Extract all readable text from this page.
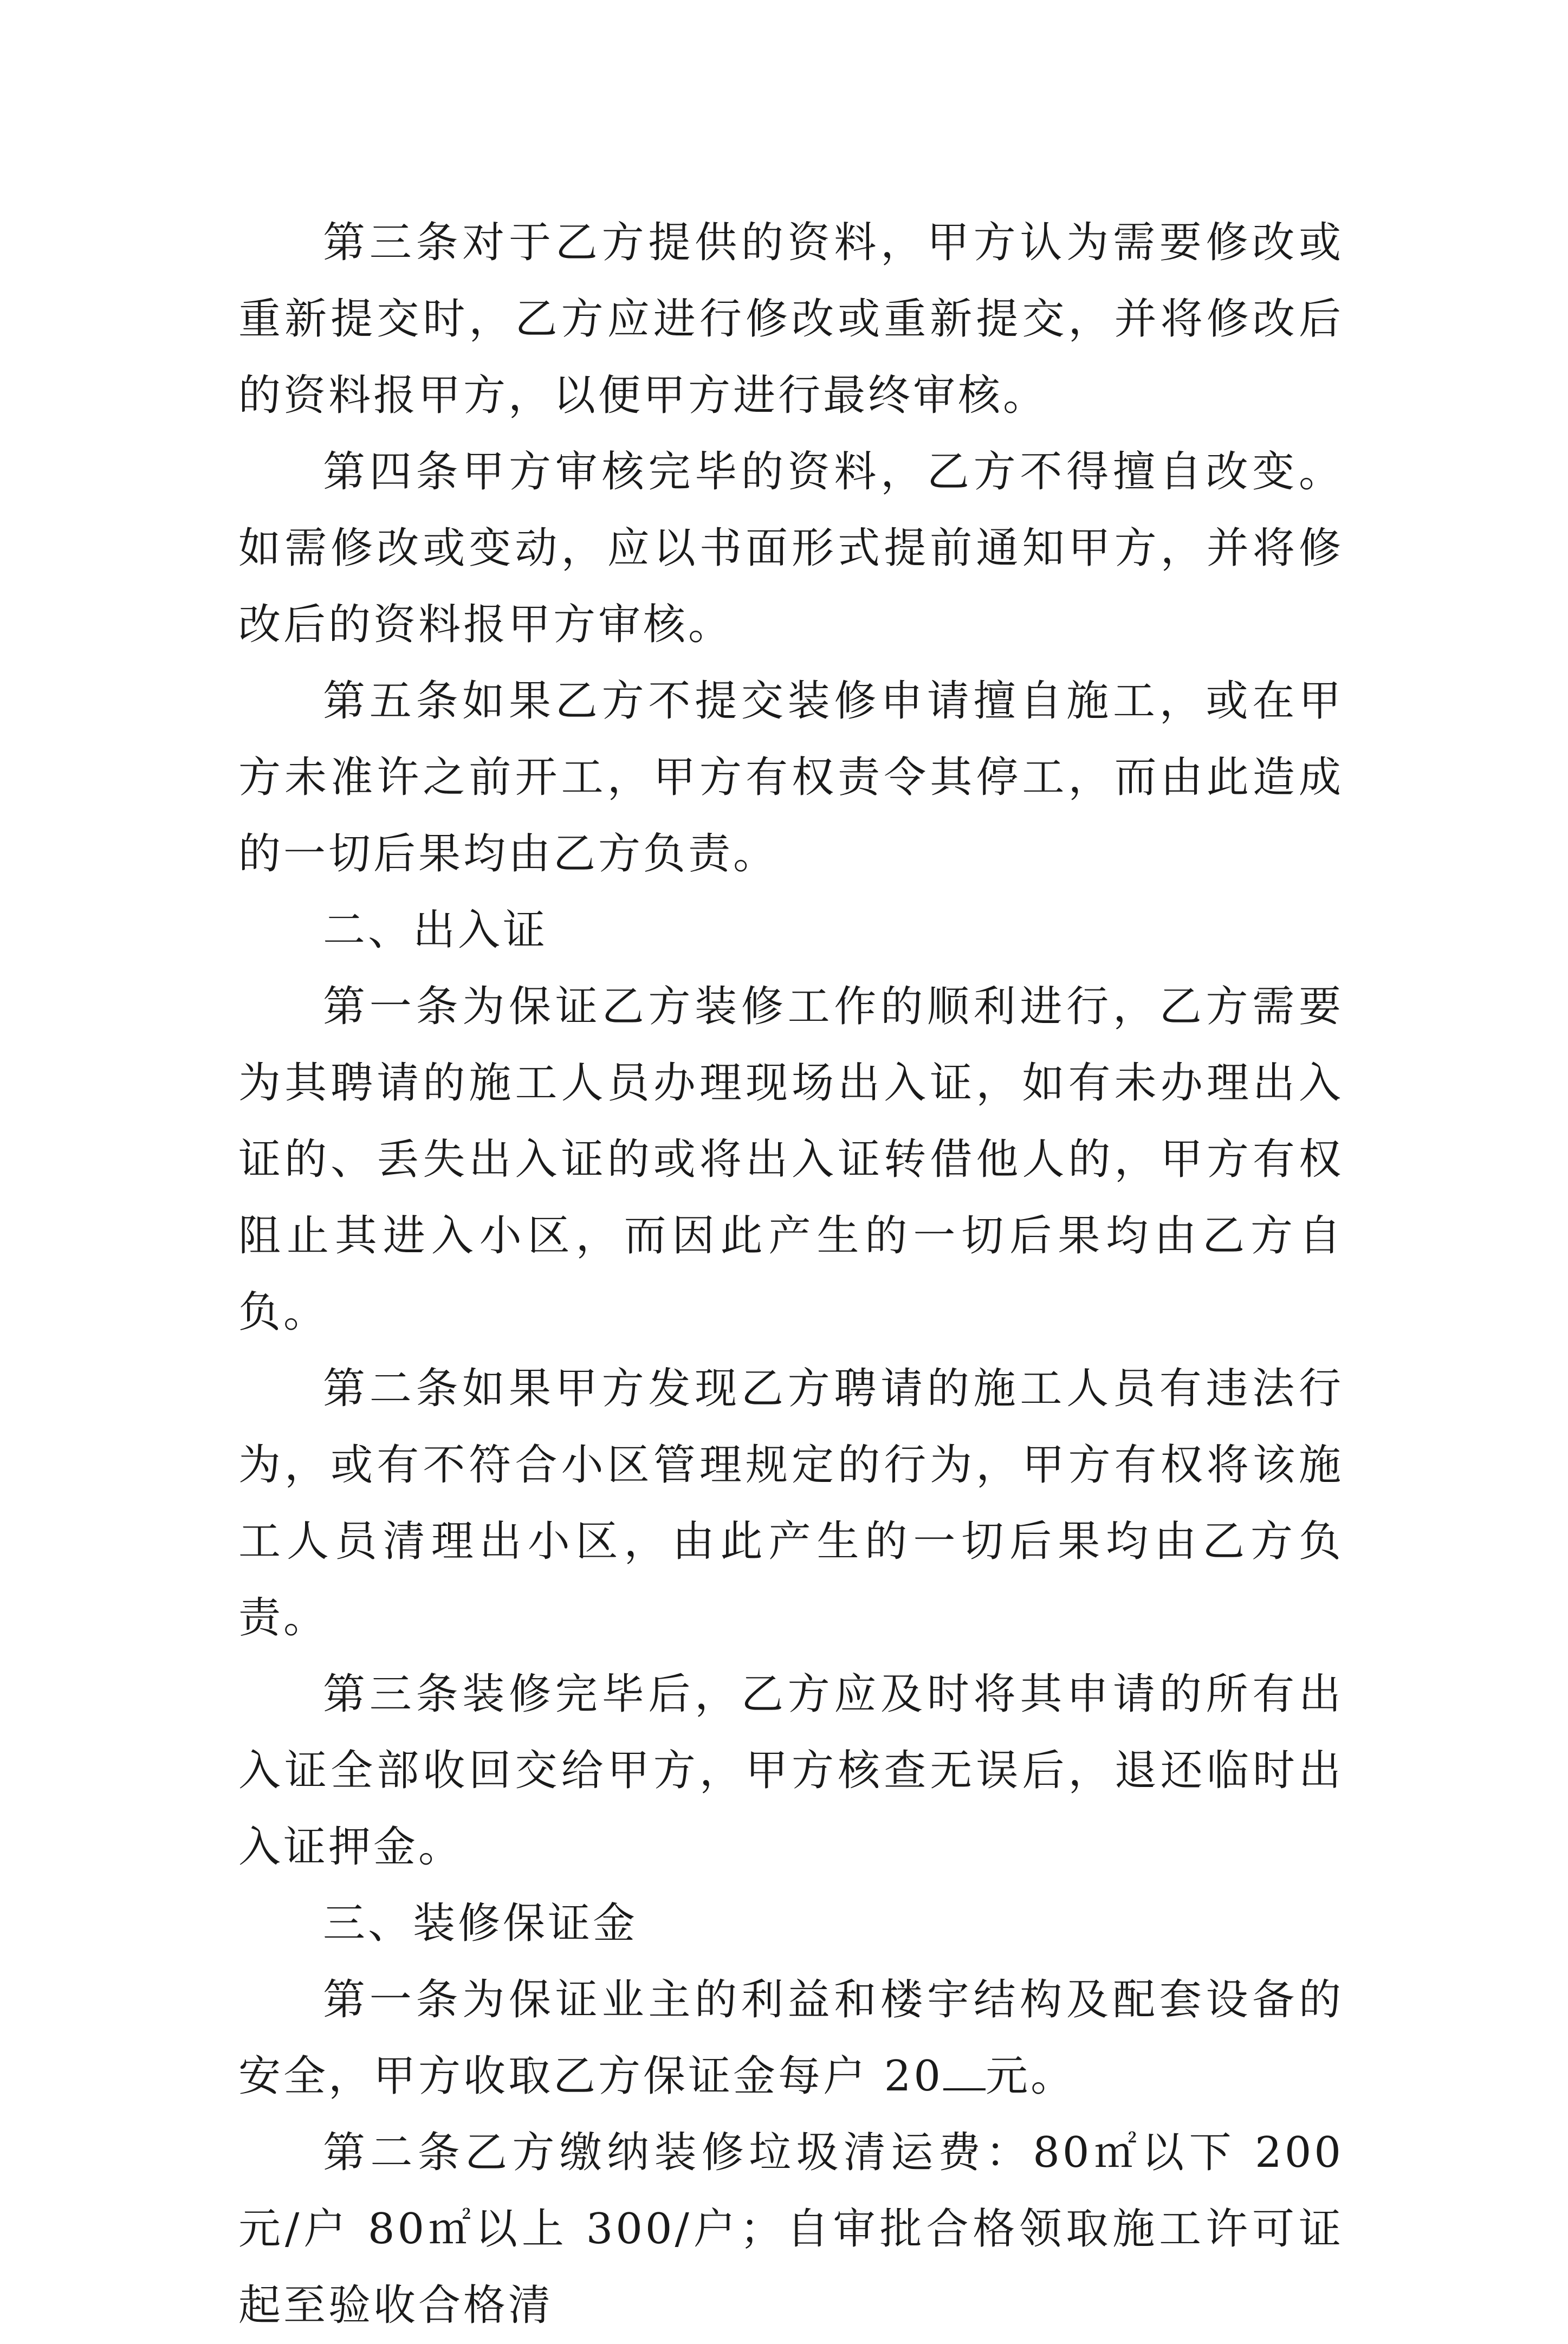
第三条对于乙方提供的资料，甲方认为需要修改或重新提交时，乙方应进行修改或重新提交，并将修改后的资料报甲方，以便甲方进行最终审核。

第四条甲方审核完毕的资料，乙方不得擅自改变。如需修改或变动，应以书面形式提前通知甲方，并将修改后的资料报甲方审核。

第五条如果乙方不提交装修申请擅自施工，或在甲方未准许之前开工，甲方有权责令其停工，而由此造成的一切后果均由乙方负责。

二、出入证

第一条为保证乙方装修工作的顺利进行，乙方需要为其聘请的施工人员办理现场出入证，如有未办理出入证的、丢失出入证的或将出入证转借他人的，甲方有权阻止其进入小区，而因此产生的一切后果均由乙方自负。

第二条如果甲方发现乙方聘请的施工人员有违法行为，或有不符合小区管理规定的行为，甲方有权将该施工人员清理出小区，由此产生的一切后果均由乙方负责。

第三条装修完毕后，乙方应及时将其申请的所有出入证全部收回交给甲方，甲方核查无误后，退还临时出入证押金。

三、装修保证金

第一条为保证业主的利益和楼宇结构及配套设备的安全，甲方收取乙方保证金每户 20 元。

第二条乙方缴纳装修垃圾清运费：80㎡以下 200 元/户 80㎡以上 300/户；自审批合格领取施工许可证起至验收合格清
